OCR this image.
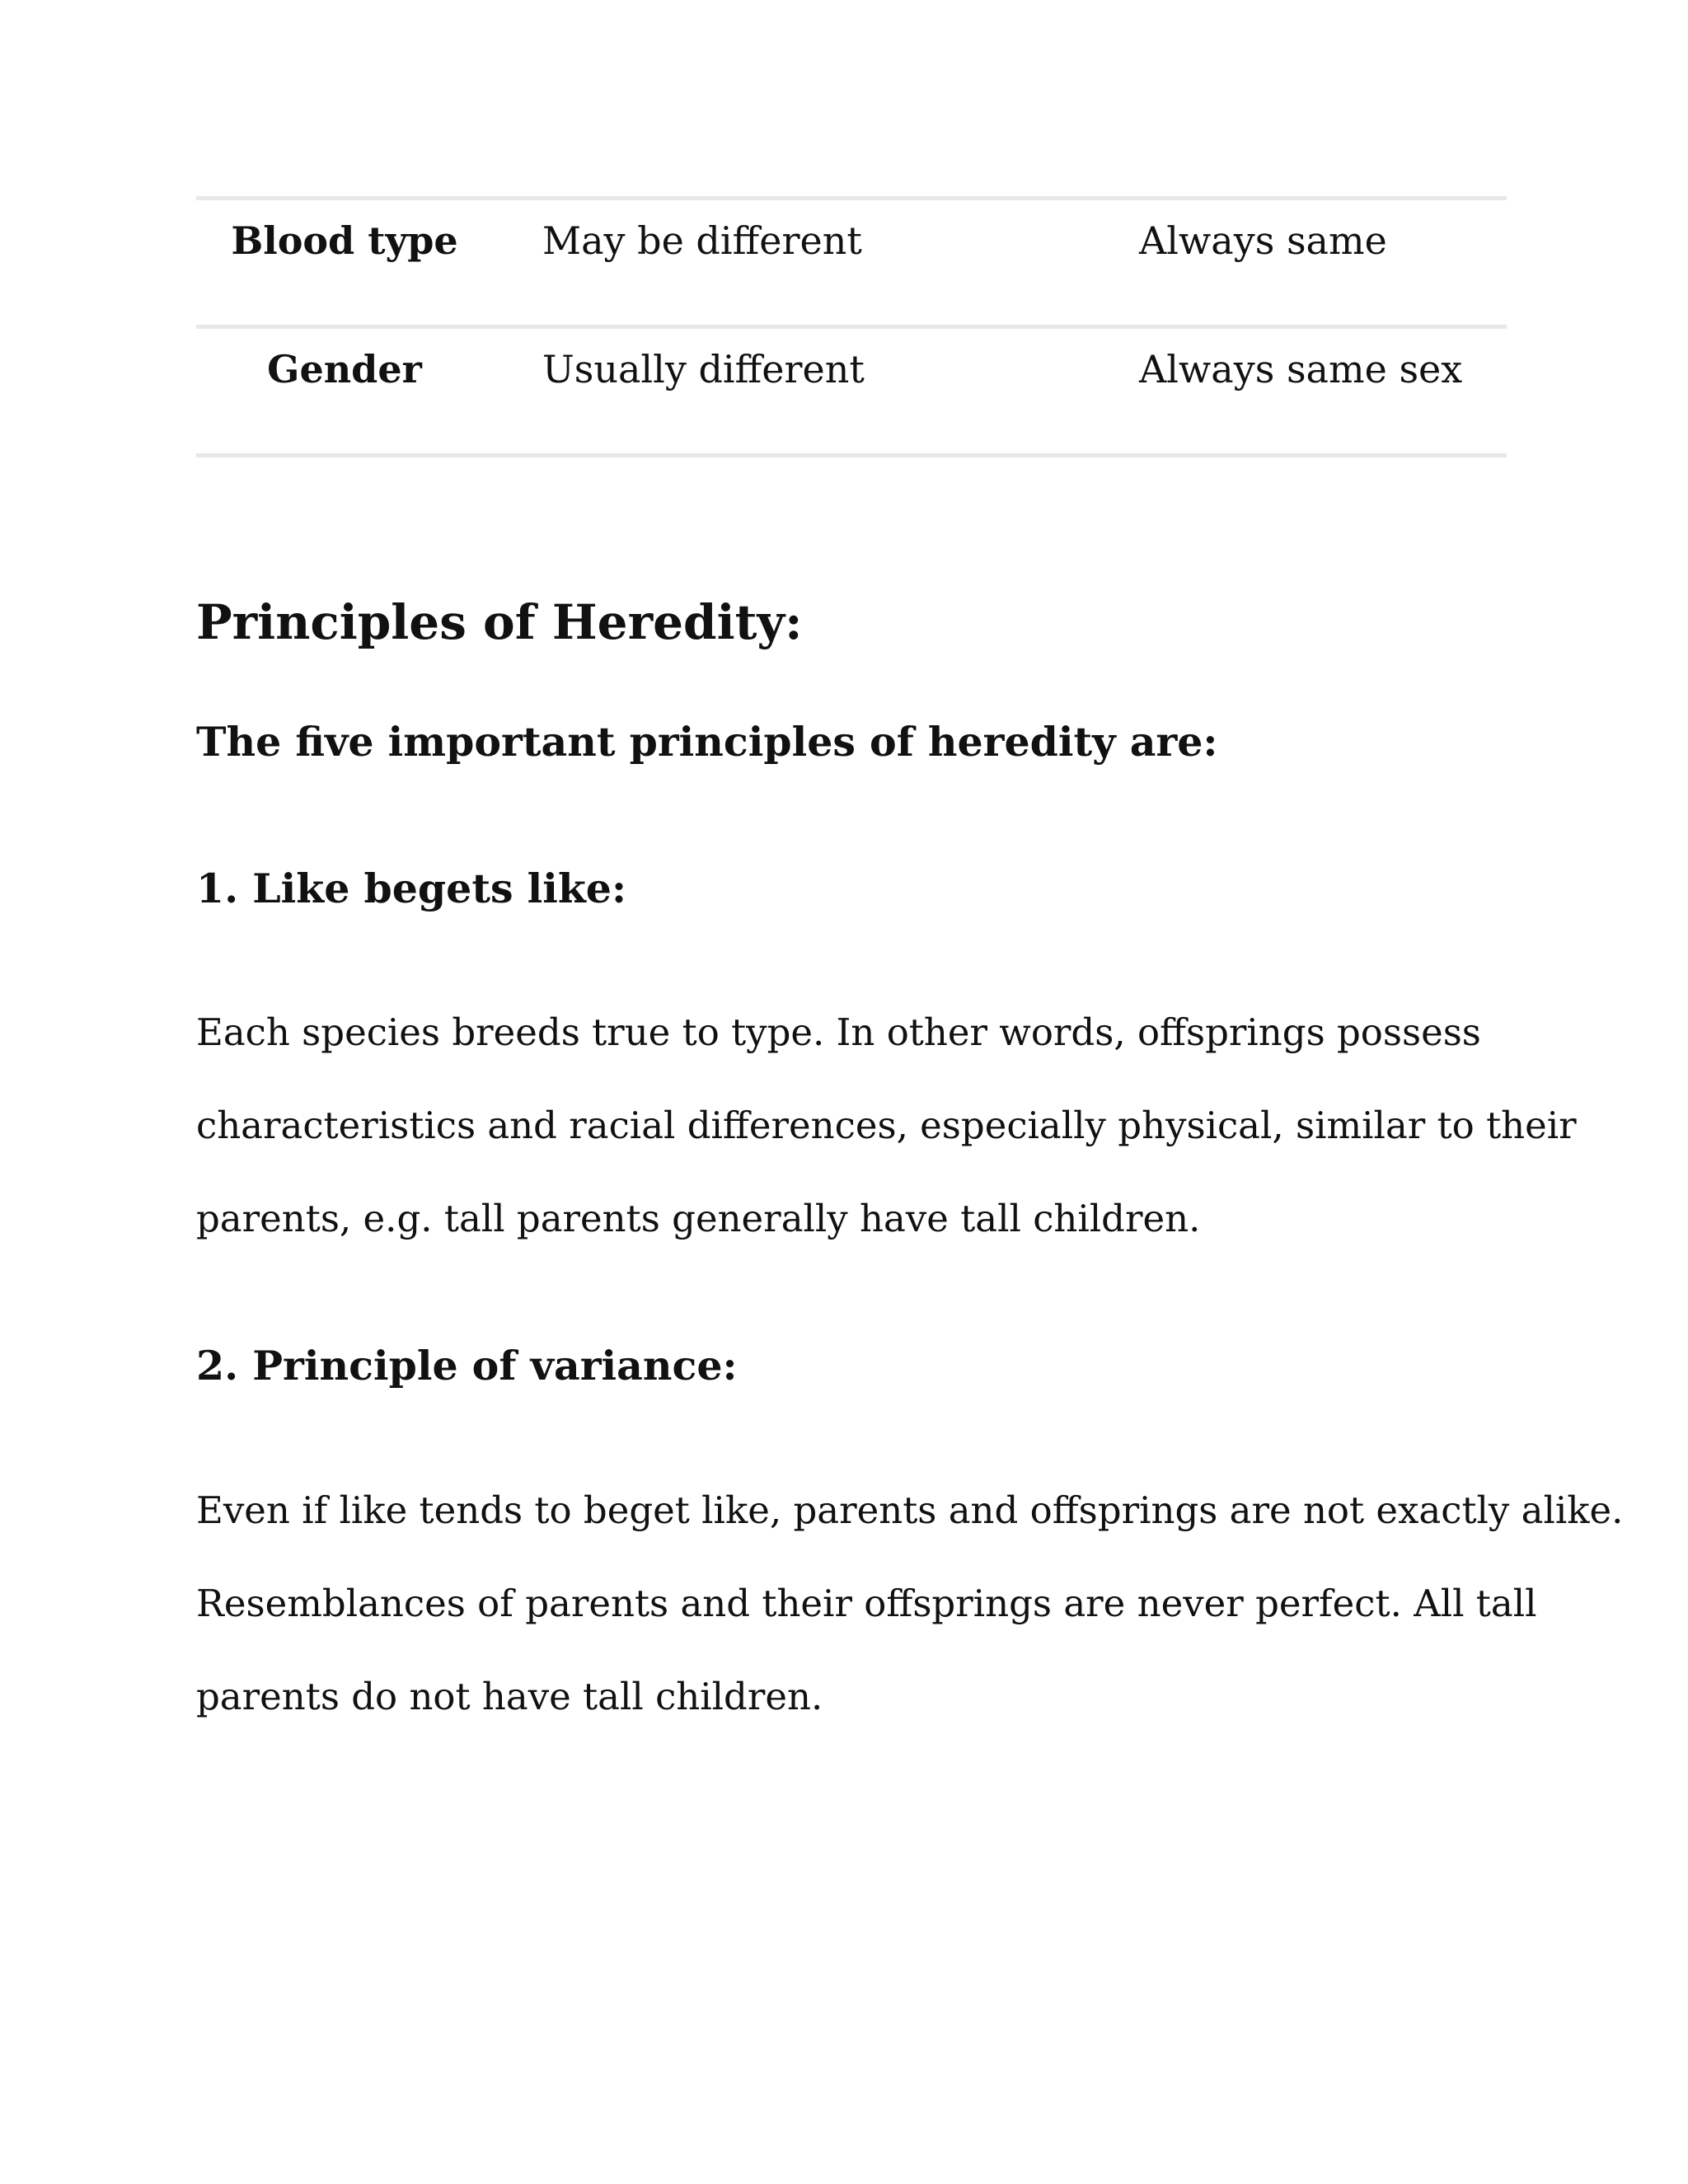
Blood type	May be different	Always same

Gender	Usually different	Always same sex
Principles of Heredity:
The five important principles of heredity are:
1. Like begets like:

Each species breeds true to type. In other words, offsprings possess
characteristics and racial differences, especially physical, similar to their
parents, e.g. tall parents generally have tall children.

2. Principle of variance:

Even if like tends to beget like, parents and offsprings are not exactly alike.
Resemblances of parents and their offsprings are never perfect. All tall
parents do not have tall children.
